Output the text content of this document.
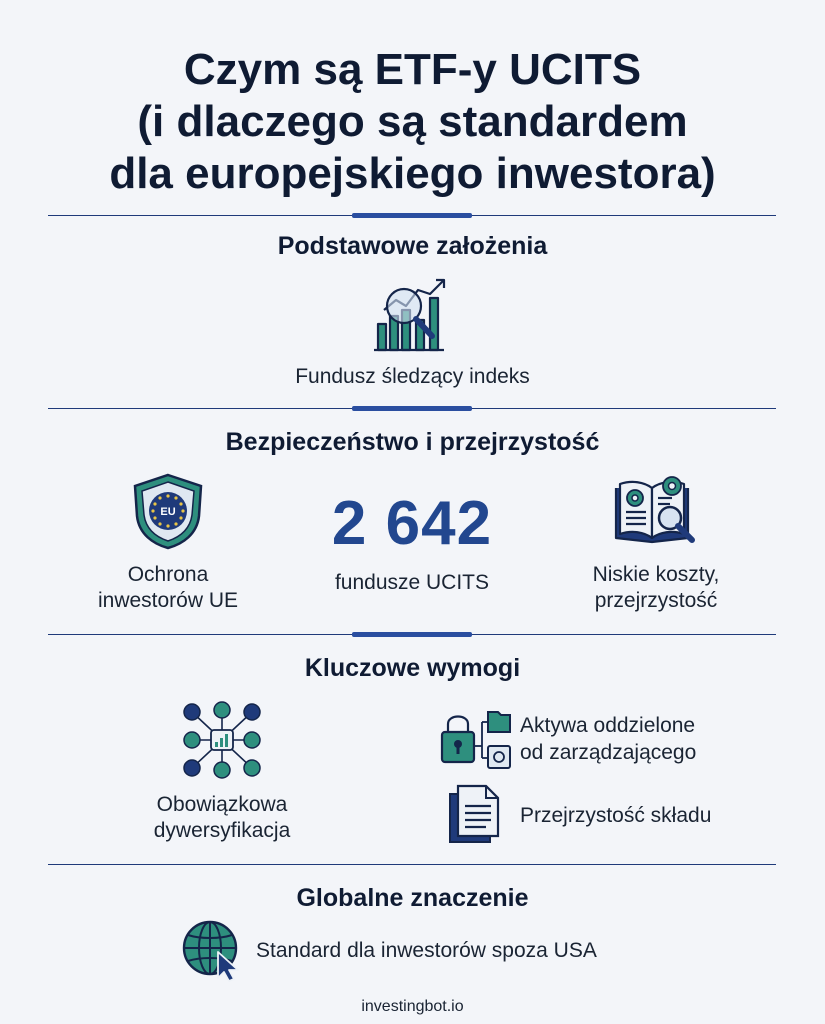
Czym są ETF-y UCITS
(i dlaczego są standardem
dla europejskiego inwestora)
Podstawowe założenia
Fundusz śledzący indeks
Bezpieczeństwo i przejrzystość
EU
Ochrona
inwestorów UE
2 642
fundusze UCITS	Niskie koszty,
przejrzystość
Kluczowe wymogi
Obowiązkowa
dywersyfikacja
Aktywa oddzielone
od zarządzającego
Przejrzystość składu
Globalne znaczenie
Standard dla inwestorów spoza USA
investingbot.io
